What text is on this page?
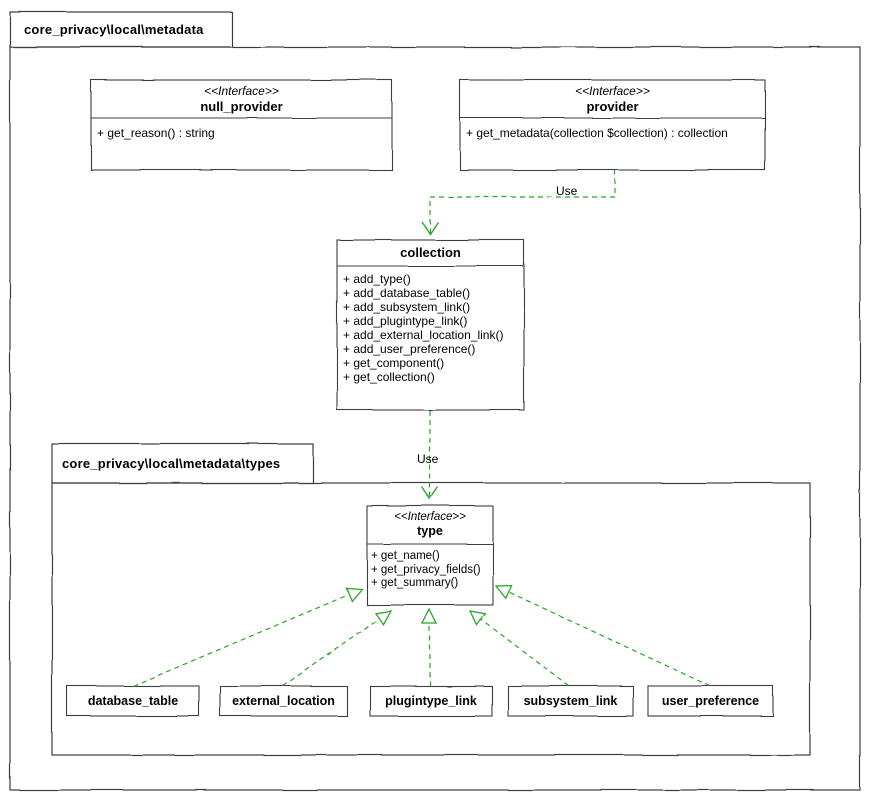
core_privacy\local\metadata
core_privacy\local\metadata\types
<<Interface>>
null_provider
+ get_reason() : string
<<Interface>>
provider
+ get_metadata(collection $collection) : collection
collection
+ add_type()
+ add_database_table()
+ add_subsystem_link()
+ add_plugintype_link()
+ add_external_location_link()
+ add_user_preference()
+ get_component()
+ get_collection()
<<Interface>>
type
+ get_name()
+ get_privacy_fields()
+ get_summary()
database_table	external_location	plugintype_link	subsystem_link	user_preference
Use
Use
